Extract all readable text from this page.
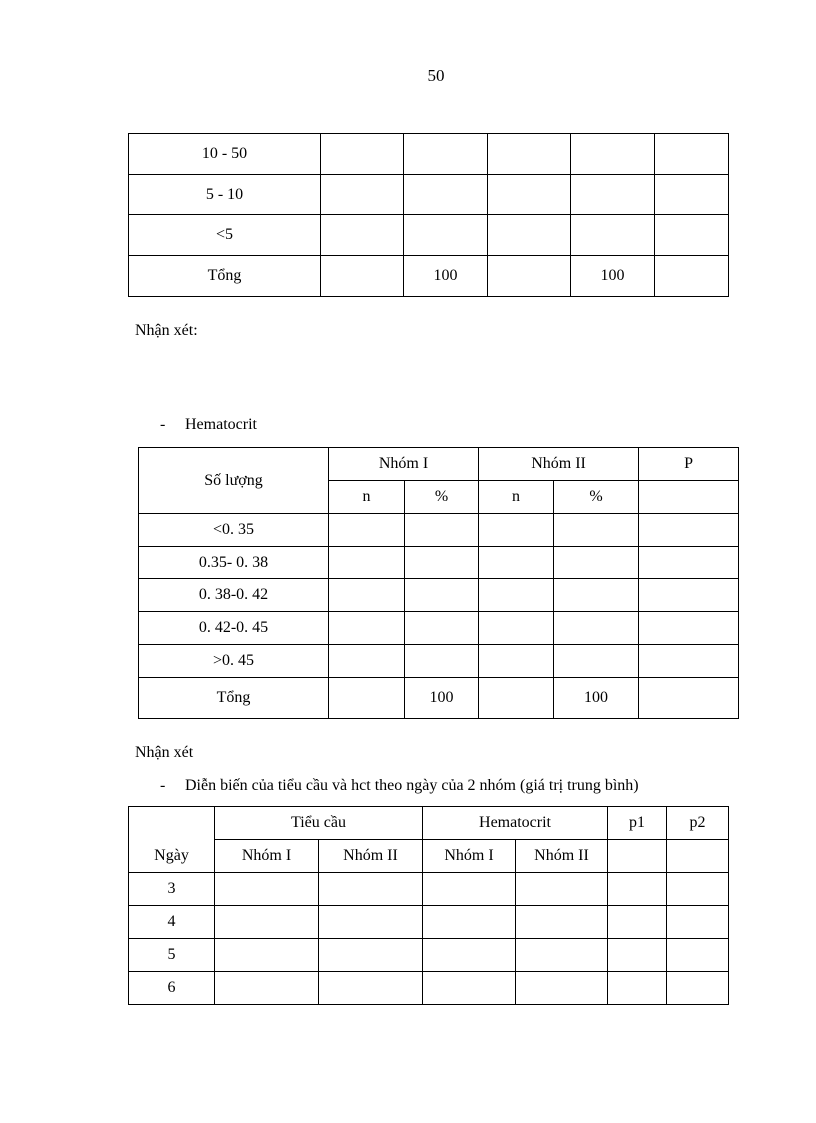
50
10 - 50					
5 - 10					
<5					
Tổng		100		100	
Nhận xét:
- Hematocrit
Số lượng	Nhóm I		Nhóm II		P
	n	%	n	%	
<0. 35					
0.35- 0. 38					
0. 38-0. 42					
0. 42-0. 45					
>0. 45					
Tổng		100		100	
Nhận xét
- Diễn biến của tiểu cầu và hct theo ngày của 2 nhóm (giá trị trung bình)
	Tiểu cầu		Hematocrit		p1	p2
Ngày	Nhóm I	Nhóm II	Nhóm I	Nhóm II		
3						
4						
5						
6						
